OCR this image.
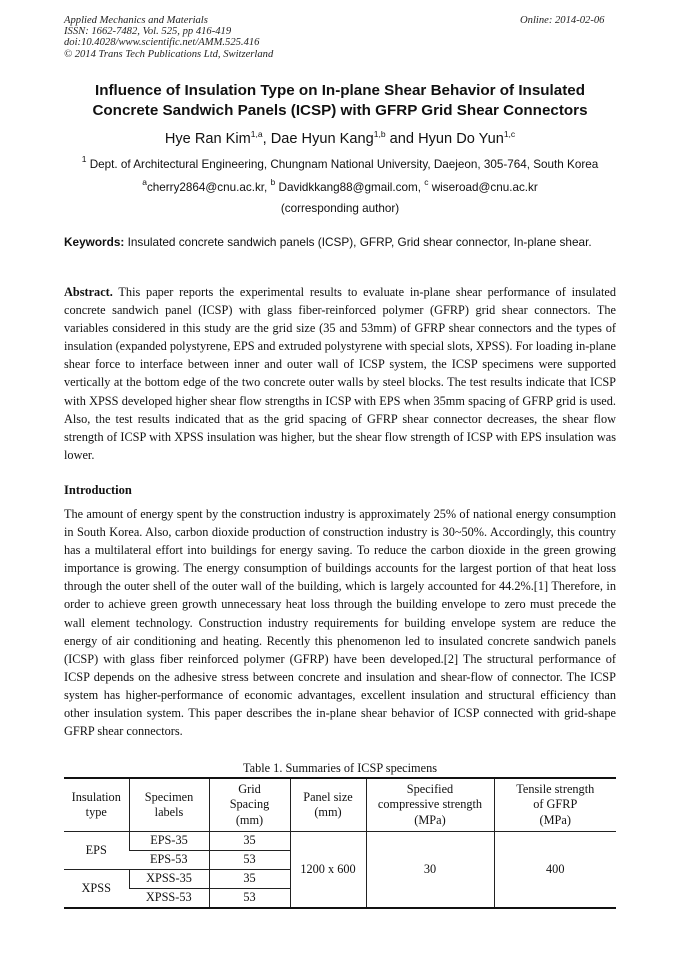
Applied Mechanics and Materials
ISSN: 1662-7482, Vol. 525, pp 416-419
doi:10.4028/www.scientific.net/AMM.525.416
© 2014 Trans Tech Publications Ltd, Switzerland
Online: 2014-02-06
Influence of Insulation Type on In-plane Shear Behavior of Insulated Concrete Sandwich Panels (ICSP) with GFRP Grid Shear Connectors
Hye Ran Kim$^{1,a}$, Dae Hyun Kang$^{1,b}$ and Hyun Do Yun$^{1,c}$
$^1$ Dept. of Architectural Engineering, Chungnam National University, Daejeon, 305-764, South Korea
$^a$cherry2864@cnu.ac.kr, $^b$ Davidkkang88@gmail.com, $^c$ wiseroad@cnu.ac.kr
(corresponding author)
Keywords: Insulated concrete sandwich panels (ICSP), GFRP, Grid shear connector, In-plane shear.
Abstract. This paper reports the experimental results to evaluate in-plane shear performance of insulated concrete sandwich panel (ICSP) with glass fiber-reinforced polymer (GFRP) grid shear connectors. The variables considered in this study are the grid size (35 and 53mm) of GFRP shear connectors and the types of insulation (expanded polystyrene, EPS and extruded polystyrene with special slots, XPSS). For loading in-plane shear force to interface between inner and outer wall of ICSP system, the ICSP specimens were supported vertically at the bottom edge of the two concrete outer walls by steel blocks. The test results indicate that ICSP with XPSS developed higher shear flow strengths in ICSP with EPS when 35mm spacing of GFRP grid is used. Also, the test results indicated that as the grid spacing of GFRP shear connector decreases, the shear flow strength of ICSP with XPSS insulation was higher, but the shear flow strength of ICSP with EPS insulation was lower.
Introduction
The amount of energy spent by the construction industry is approximately 25% of national energy consumption in South Korea. Also, carbon dioxide production of construction industry is 30~50%. Accordingly, this country has a multilateral effort into buildings for energy saving. To reduce the carbon dioxide in the green growing importance is growing. The energy consumption of buildings accounts for the largest portion of that heat loss through the outer shell of the outer wall of the building, which is largely accounted for 44.2%.[1] Therefore, in order to achieve green growth unnecessary heat loss through the building envelope to zero must precede the wall element technology. Construction industry requirements for building envelope system are reduce the energy of air conditioning and heating. Recently this phenomenon led to insulated concrete sandwich panels (ICSP) with glass fiber reinforced polymer (GFRP) have been developed.[2] The structural performance of ICSP depends on the adhesive stress between concrete and insulation and shear-flow of connector. The ICSP system has higher-performance of economic advantages, excellent insulation and structural efficiency than other insulation system. This paper describes the in-plane shear behavior of ICSP connected with grid-shape GFRP shear connectors.
Table 1. Summaries of ICSP specimens
Insulation
type	Specimen
labels	Grid
Spacing
(mm)	Panel size
(mm)	Specified
compressive strength
(MPa)	Tensile strength
of GFRP
(MPa)
EPS	EPS-35	35	1200 x 600	30	400
	EPS-53	53			
XPSS	XPSS-35	35			
	XPSS-53	53			
